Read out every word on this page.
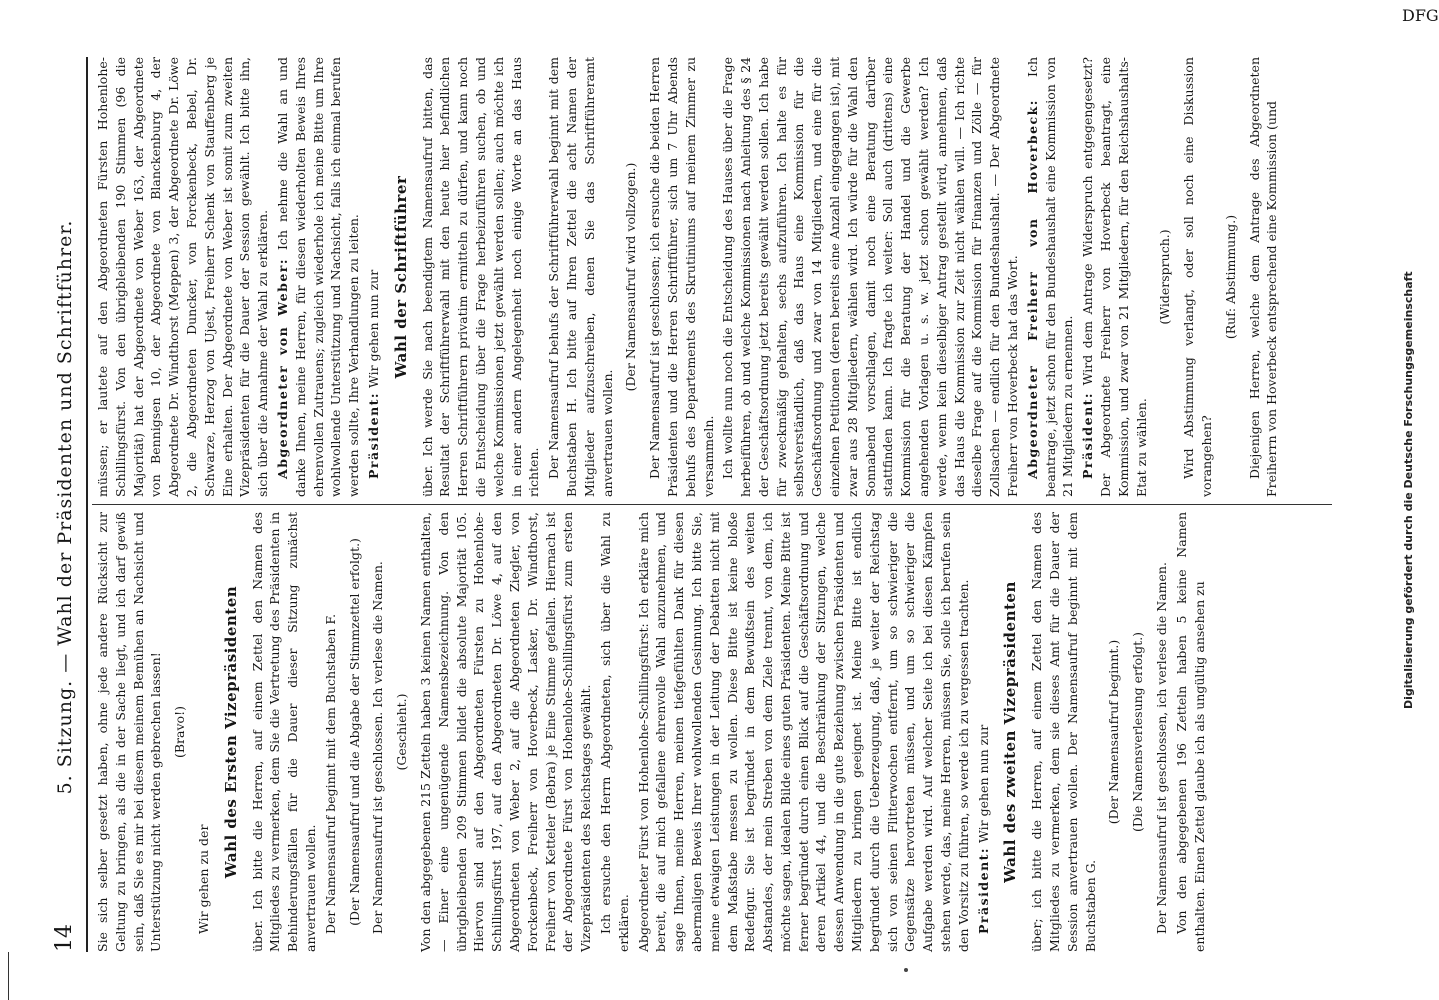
14
5. Sitzung. — Wahl der Präsidenten und Schriftführer. Sie sich selber gesetzt haben, ohne jede andere Rücksicht zur Geltung zu bringen, als die in der Sache liegt, und ich darf gewiß sein, daß Sie es mir bei diesem meinem Bemühen an Nachsicht und Unterstützung nicht werden gebrechen lassen! (Bravo!)

Wir gehen zu der

Wahl des Ersten Vizepräsidenten über. Ich bitte die Herren, auf einem Zettel den Namen des Mitgliedes zu vermerken, dem Sie die Vertretung des Präsidenten in Behinderungsfällen für die Dauer dieser Sitzung zunächst anvertrauen wollen. Der Namensaufruf beginnt mit dem Buchstaben F. (Der Namensaufruf und die Abgabe der Stimmzettel erfolgt.) Der Namensaufruf ist geschlossen. Ich verlese die Namen. (Geschieht.) Von den abgegebenen 215 Zetteln haben 3 keinen Namen enthalten, — Einer eine ungenügende Namensbezeichnung. Von den übrigbleibenden 209 Stimmen bildet die absolute Majorität 105. Hiervon sind auf den Abgeordneten Fürsten zu Hohenlohe-Schillingsfürst 197, auf den Abgeordneten Dr. Löwe 4, auf den Abgeordneten von Weber 2, auf die Abgeordneten Ziegler, von Forckenbeck, Freiherr von Hoverbeck, Lasker, Dr. Windthorst, Freiherr von Ketteler (Bebra) je Eine Stimme gefallen. Hiernach ist der Abgeordnete Fürst von Hohenlohe-Schillingsfürst zum ersten Vizepräsidenten des Reichstages gewählt. Ich ersuche den Herrn Abgeordneten, sich über die Wahl zu erklären. Abgeordneter Fürst von Hohenlohe-Schillingsfürst: Ich erkläre mich bereit, die auf mich gefallene ehrenvolle Wahl anzunehmen, und sage Ihnen, meine Herren, meinen tiefgefühlten Dank für diesen abermaligen Beweis Ihrer wohlwollenden Gesinnung. Ich bitte Sie, meine etwaigen Leistungen in der Leitung der Debatten nicht mit dem Maßstabe messen zu wollen. Diese Bitte ist keine bloße Redefigur. Sie ist begründet in dem Bewußtsein des weiten Abstandes, der mein Streben von dem Ziele trennt, von dem, ich möchte sagen, idealen Bilde eines guten Präsidenten. Meine Bitte ist ferner begründet durch einen Blick auf die Geschäftsordnung und deren Artikel 44, und die Beschränkung der Sitzungen, welche dessen Anwendung in die gute Beziehung zwischen Präsidenten und Mitgliedern zu bringen geeignet ist. Meine Bitte ist endlich begründet durch die Ueberzeugung, daß, je weiter der Reichstag sich von seinen Flitterwochen entfernt, um so schwieriger die Gegensätze hervortreten müssen, und um so schwieriger die Aufgabe werden wird. Auf welcher Seite ich bei diesen Kämpfen stehen werde, das, meine Herren, müssen Sie, solle ich berufen sein den Vorsitz zu führen, so werde ich zu vergessen trachten. Präsident: Wir gehen nun zur Wahl des zweiten Vizepräsidenten über; ich bitte die Herren, auf einem Zettel den Namen des Mitgliedes zu vermerken, dem sie dieses Amt für die Dauer der Session anvertrauen wollen. Der Namensaufruf beginnt mit dem Buchstaben G.

(Der Namensaufruf beginnt.) (Die Namensverlesung erfolgt.) Der Namensaufruf ist geschlossen, ich verlese die Namen. Von den abgegebenen 196 Zetteln haben 5 keine Namen enthalten. Einen Zettel glaube ich als ungültig ansehen zu

müssen; er lautete auf den Abgeordneten Fürsten Hohenlohe-Schillingsfürst. Von den übrigbleibenden 190 Stimmen (96 die Majorität) hat der Abgeordnete von Weber 163, der Abgeordnete von Bennigsen 10, der Abgeordnete von Blanckenburg 4, der Abgeordnete Dr. Windthorst (Meppen) 3, der Abgeordnete Dr. Löwe 2, die Abgeordneten Duncker, von Forckenbeck, Bebel, Dr. Schwarze, Herzog von Ujest, Freiherr Schenk von Stauffenberg je Eine erhalten. Der Abgeordnete von Weber ist somit zum zweiten Vizepräsidenten für die Dauer der Session gewählt. Ich bitte ihn, sich über die Annahme der Wahl zu erklären. Abgeordneter von Weber: Ich nehme die Wahl an und danke Ihnen, meine Herren, für diesen wiederholten Beweis Ihres ehrenvollen Zutrauens; zugleich wiederhole ich meine Bitte um Ihre wohlwollende Unterstützung und Nachsicht, falls ich einmal berufen werden sollte, Ihre Verhandlungen zu leiten. Präsident: Wir gehen nun zur Wahl der Schriftführer über. Ich werde Sie nach beendigtem Namensaufruf bitten, das Resultat der Schriftführerwahl mit den heute hier befindlichen Herren Schriftführern privatim ermitteln zu dürfen, und kann noch die Entscheidung über die Frage herbeizuführen suchen, ob und welche Kommissionen jetzt gewählt werden sollen; auch möchte ich in einer andern Angelegenheit noch einige Worte an das Haus richten. Der Namensaufruf behufs der Schriftführerwahl beginnt mit dem Buchstaben H. Ich bitte auf Ihren Zettel die acht Namen der Mitglieder aufzuschreiben, denen Sie das Schriftführeramt anvertrauen wollen.

(Der Namensaufruf wird vollzogen.) Der Namensaufruf ist geschlossen; ich ersuche die beiden Herren Präsidenten und die Herren Schriftführer, sich um 7 Uhr Abends behufs des Departements des Skrutiniums auf meinem Zimmer zu versammeln. Ich wollte nun noch die Entscheidung des Hauses über die Frage herbeiführen, ob und welche Kommissionen nach Anleitung des § 24 der Geschäftsordnung jetzt bereits gewählt werden sollen. Ich habe für zweckmäßig gehalten, sechs aufzuführen. Ich halte es für selbstverständlich, daß das Haus eine Kommission für die Geschäftsordnung und zwar von 14 Mitgliedern, und eine für die einzelnen Petitionen (deren bereits eine Anzahl eingegangen ist), mit zwar aus 28 Mitgliedern, wählen wird. Ich würde für die Wahl den Sonnabend vorschlagen, damit noch eine Beratung darüber stattfinden kann. Ich fragte ich weiter: Soll auch (drittens) eine Kommission für die Beratung der Handel und die Gewerbe angehenden Vorlagen u. s. w. jetzt schon gewählt werden? Ich werde, wenn kein dieselbiger Antrag gestellt wird, annehmen, daß das Haus die Kommission zur Zeit nicht wählen will. — Ich richte dieselbe Frage auf die Kommission für Finanzen und Zölle — für Zollsachen — endlich für den Bundeshaushalt. — Der Abgeordnete Freiherr von Hoverbeck hat das Wort. Abgeordneter Freiherr von Hoverbeck: Ich beantrage, jetzt schon für den Bundeshaushalt eine Kommission von 21 Mitgliedern zu ernennen. Präsident: Wird dem Antrage Widerspruch entgegengesetzt? Der Abgeordnete Freiherr von Hoverbeck beantragt, eine Kommission, und zwar von 21 Mitgliedern, für den Reichshaushalts-Etat zu wählen.

(Widerspruch.) Wird Abstimmung verlangt, oder soll noch eine Diskussion vorangehen?

(Ruf: Abstimmung.) Diejenigen Herren, welche dem Antrage des Abgeordneten Freiherrn von Hoverbeck entsprechend eine Kommission (und	Digitalisierung gefördert durch die Deutsche Forschungsgemeinschaft
DFG
